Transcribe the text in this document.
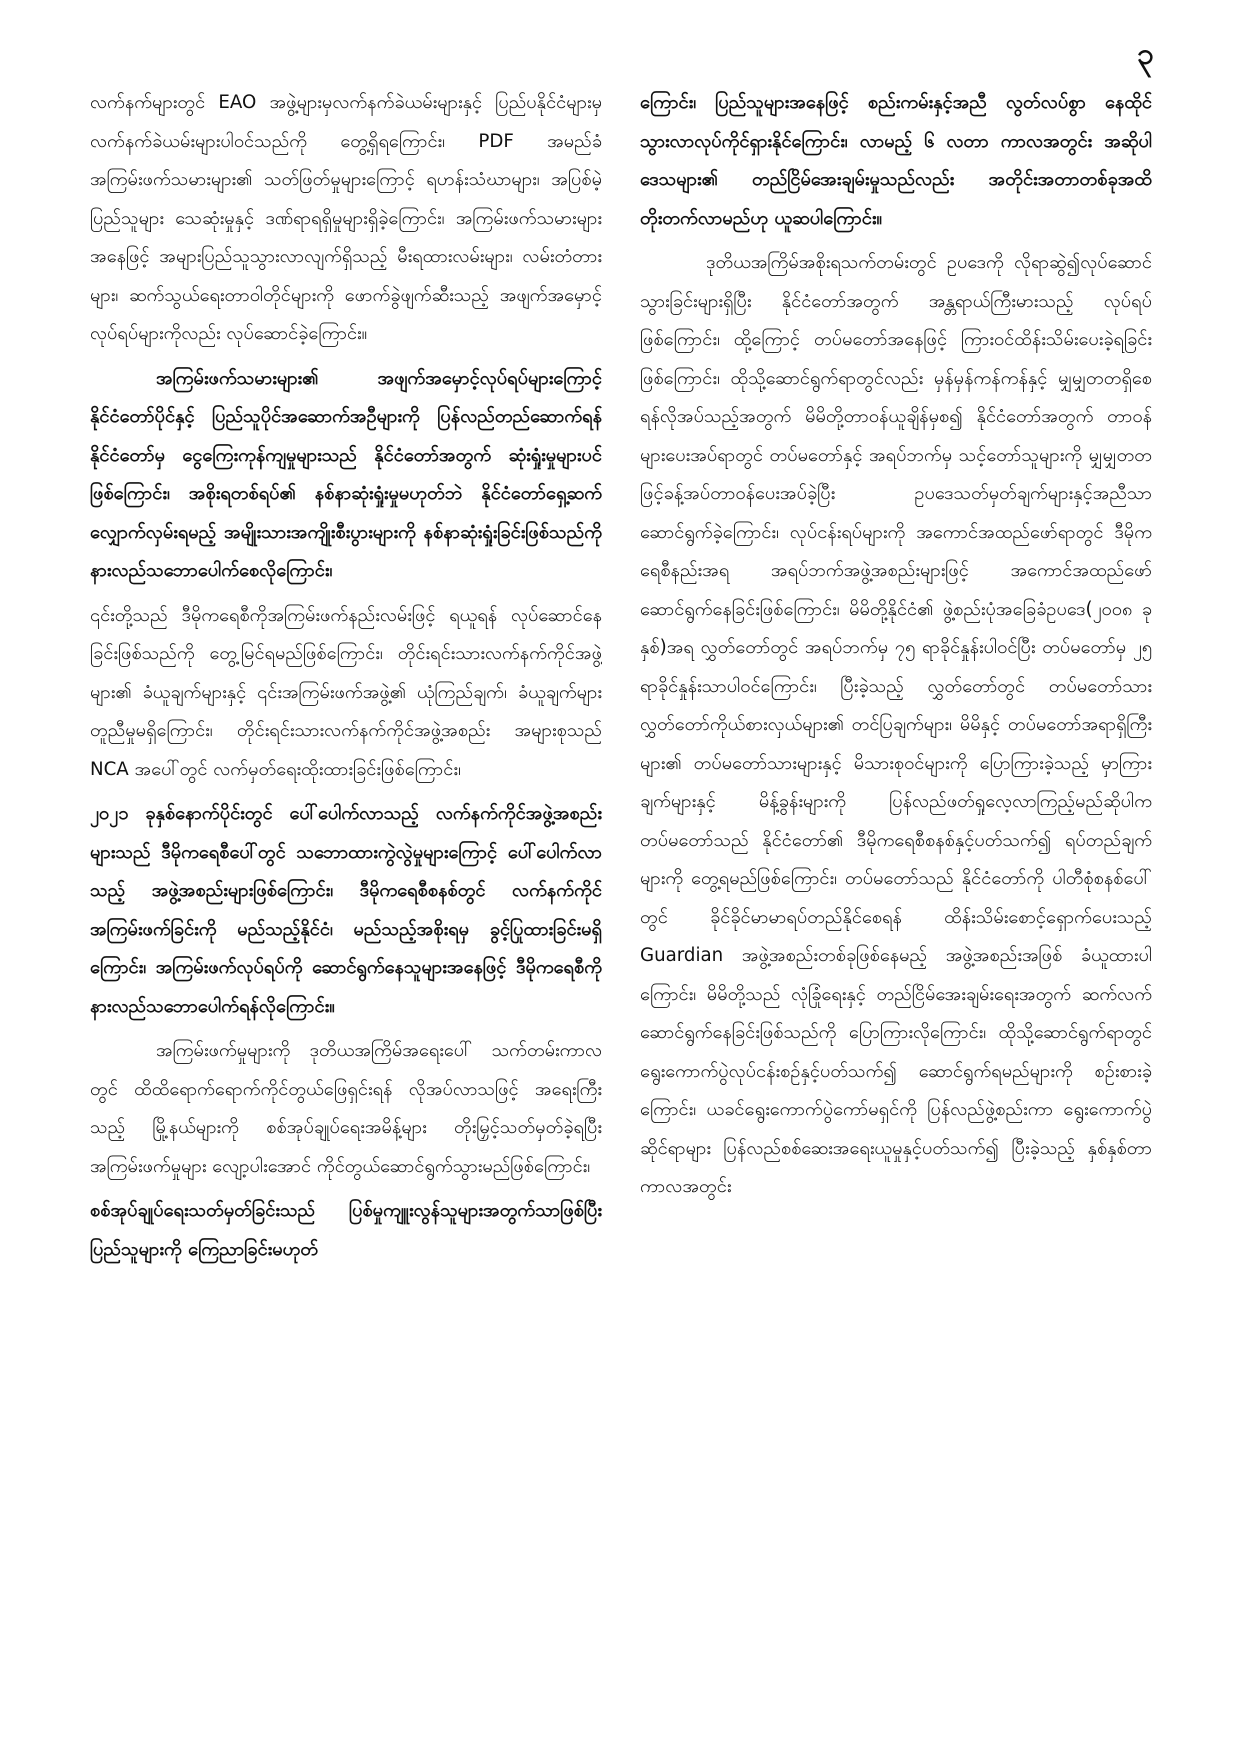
၃

လက်နက်များတွင် EAO အဖွဲ့များမှလက်နက်ခဲယမ်းများနှင့် ပြည်ပနိုင်ငံများမှ လက်နက်ခဲယမ်းများပါဝင်သည်ကို တွေ့ရှိရကြောင်း၊ PDF အမည်ခံ အကြမ်းဖက်သမားများ၏ သတ်ဖြတ်မှုများကြောင့် ရဟန်းသံဃာများ၊ အပြစ်မဲ့ပြည်သူများ သေဆုံးမှုနှင့် ဒဏ်ရာရရှိမှုများရှိခဲ့ကြောင်း၊ အကြမ်းဖက်သမားများအနေဖြင့် အများပြည်သူသွားလာလျက်ရှိသည့် မီးရထားလမ်းများ၊ လမ်းတံတားများ၊ ဆက်သွယ်ရေးတာဝါတိုင်များကို ဖောက်ခွဲဖျက်ဆီးသည့် အဖျက်အမှောင့်လုပ်ရပ်များကိုလည်း လုပ်ဆောင်ခဲ့ကြောင်း။

အကြမ်းဖက်သမားများ၏ အဖျက်အမှောင့်လုပ်ရပ်များကြောင့် နိုင်ငံတော်ပိုင်နှင့် ပြည်သူပိုင်အဆောက်အဦများကို ပြန်လည်တည်ဆောက်ရန် နိုင်ငံတော်မှ ငွေကြေးကုန်ကျမှုများသည် နိုင်ငံတော်အတွက် ဆုံးရှုံးမှုများပင်ဖြစ်ကြောင်း၊ အစိုးရတစ်ရပ်၏ နစ်နာဆုံးရှုံးမှုမဟုတ်ဘဲ နိုင်ငံတော်ရှေ့ဆက်လျှောက်လှမ်းရမည့် အမျိုးသားအကျိုးစီးပွားများကို နစ်နာဆုံးရှုံးခြင်းဖြစ်သည်ကို နားလည်သဘောပေါက်စေလိုကြောင်း၊

၎င်းတို့သည် ဒီမိုကရေစီကိုအကြမ်းဖက်နည်းလမ်းဖြင့် ရယူရန် လုပ်ဆောင်နေခြင်းဖြစ်သည်ကို တွေ့မြင်ရမည်ဖြစ်ကြောင်း၊ တိုင်းရင်းသားလက်နက်ကိုင်အဖွဲ့များ၏ ခံယူချက်များနှင့် ၎င်းအကြမ်းဖက်အဖွဲ့၏ ယုံကြည်ချက်၊ ခံယူချက်များ တူညီမှုမရှိကြောင်း၊ တိုင်းရင်းသားလက်နက်ကိုင်အဖွဲ့အစည်း အများစုသည် NCA အပေါ်တွင် လက်မှတ်ရေးထိုးထားခြင်းဖြစ်ကြောင်း၊

၂၀၂၁ ခုနှစ်နောက်ပိုင်းတွင် ပေါ်ပေါက်လာသည့် လက်နက်ကိုင်အဖွဲ့အစည်းများသည် ဒီမိုကရေစီပေါ်တွင် သဘောထားကွဲလွဲမှုများကြောင့် ပေါ်ပေါက်လာသည့် အဖွဲ့အစည်းများဖြစ်ကြောင်း၊ ဒီမိုကရေစီစနစ်တွင် လက်နက်ကိုင်အကြမ်းဖက်ခြင်းကို မည်သည့်နိုင်ငံ၊ မည်သည့်အစိုးရမှ ခွင့်ပြုထားခြင်းမရှိကြောင်း၊ အကြမ်းဖက်လုပ်ရပ်ကို ဆောင်ရွက်နေသူများအနေဖြင့် ဒီမိုကရေစီကို နားလည်သဘောပေါက်ရန်လိုကြောင်း။

အကြမ်းဖက်မှုများကို ဒုတိယအကြိမ်အရေးပေါ် သက်တမ်းကာလတွင် ထိထိရောက်ရောက်ကိုင်တွယ်ဖြေရှင်းရန် လိုအပ်လာသဖြင့် အရေးကြီးသည့် မြို့နယ်များကို စစ်အုပ်ချုပ်ရေးအမိန့်များ တိုးမြှင့်သတ်မှတ်ခဲ့ရပြီး အကြမ်းဖက်မှုများ လျော့ပါးအောင် ကိုင်တွယ်ဆောင်ရွက်သွားမည်ဖြစ်ကြောင်း၊

စစ်အုပ်ချုပ်ရေးသတ်မှတ်ခြင်းသည် ပြစ်မှုကျူးလွန်သူများအတွက်သာဖြစ်ပြီး ပြည်သူများကို ကြေညာခြင်းမဟုတ်

ကြောင်း၊ ပြည်သူများအနေဖြင့် စည်းကမ်းနှင့်အညီ လွတ်လပ်စွာ နေထိုင်သွားလာလုပ်ကိုင်ရှားနိုင်ကြောင်း၊ လာမည့် ၆ လတာ ကာလအတွင်း အဆိုပါဒေသများ၏ တည်ငြိမ်အေးချမ်းမှုသည်လည်း အတိုင်းအတာတစ်ခုအထိ တိုးတက်လာမည်ဟု ယူဆပါကြောင်း။

ဒုတိယအကြိမ်အစိုးရသက်တမ်းတွင် ဥပဒေကို လိုရာဆွဲ၍လုပ်ဆောင်သွားခြင်းများရှိပြီး နိုင်ငံတော်အတွက် အန္တရာယ်ကြီးမားသည့် လုပ်ရပ်ဖြစ်ကြောင်း၊ ထို့ကြောင့် တပ်မတော်အနေဖြင့် ကြားဝင်ထိန်းသိမ်းပေးခဲ့ရခြင်းဖြစ်ကြောင်း၊ ထိုသို့ဆောင်ရွက်ရာတွင်လည်း မှန်မှန်ကန်ကန်နှင့် မျှမျှတတရှိစေရန်လိုအပ်သည့်အတွက် မိမိတို့တာဝန်ယူချိန်မှစ၍ နိုင်ငံတော်အတွက် တာဝန်များပေးအပ်ရာတွင် တပ်မတော်နှင့် အရပ်ဘက်မှ သင့်တော်သူများကို မျှမျှတတဖြင့်ခန့်အပ်တာဝန်ပေးအပ်ခဲ့ပြီး ဥပဒေသတ်မှတ်ချက်များနှင့်အညီသာ ဆောင်ရွက်ခဲ့ကြောင်း၊ လုပ်ငန်းရပ်များကို အကောင်အထည်ဖော်ရာတွင် ဒီမိုကရေစီနည်းအရ အရပ်ဘက်အဖွဲ့အစည်းများဖြင့် အကောင်အထည်ဖော် ဆောင်ရွက်နေခြင်းဖြစ်ကြောင်း၊ မိမိတို့နိုင်ငံ၏ ဖွဲ့စည်းပုံအခြေခံဥပဒေ(၂၀၀၈ ခုနှစ်)အရ လွှတ်တော်တွင် အရပ်ဘက်မှ ၇၅ ရာခိုင်နှုန်းပါဝင်ပြီး တပ်မတော်မှ ၂၅ ရာခိုင်နှုန်းသာပါဝင်ကြောင်း၊ ပြီးခဲ့သည့် လွှတ်တော်တွင် တပ်မတော်သားလွှတ်တော်ကိုယ်စားလှယ်များ၏ တင်ပြချက်များ၊ မိမိနှင့် တပ်မတော်အရာရှိကြီးများ၏ တပ်မတော်သားများနှင့် မိသားစုဝင်များကို ပြောကြားခဲ့သည့် မှာကြားချက်များနှင့် မိန့်ခွန်းများကို ပြန်လည်ဖတ်ရှုလေ့လာကြည့်မည်ဆိုပါက တပ်မတော်သည် နိုင်ငံတော်၏ ဒီမိုကရေစီစနစ်နှင့်ပတ်သက်၍ ရပ်တည်ချက်များကို တွေ့ရမည်ဖြစ်ကြောင်း၊ တပ်မတော်သည် နိုင်ငံတော်ကို ပါတီစုံစနစ်ပေါ်တွင် ခိုင်ခိုင်မာမာရပ်တည်နိုင်စေရန် ထိန်းသိမ်းစောင့်ရှောက်ပေးသည့် Guardian အဖွဲ့အစည်းတစ်ခုဖြစ်နေမည့် အဖွဲ့အစည်းအဖြစ် ခံယူထားပါကြောင်း၊ မိမိတို့သည် လုံခြုံရေးနှင့် တည်ငြိမ်အေးချမ်းရေးအတွက် ဆက်လက်ဆောင်ရွက်နေခြင်းဖြစ်သည်ကို ပြောကြားလိုကြောင်း၊ ထိုသို့ဆောင်ရွက်ရာတွင် ရွေးကောက်ပွဲလုပ်ငန်းစဉ်နှင့်ပတ်သက်၍ ဆောင်ရွက်ရမည်များကို စဉ်းစားခဲ့ကြောင်း၊ ယခင်ရွေးကောက်ပွဲကော်မရှင်ကို ပြန်လည်ဖွဲ့စည်းကာ ရွေးကောက်ပွဲဆိုင်ရာများ ပြန်လည်စစ်ဆေးအရေးယူမှုနှင့်ပတ်သက်၍ ပြီးခဲ့သည့် နှစ်နှစ်တာကာလအတွင်း
